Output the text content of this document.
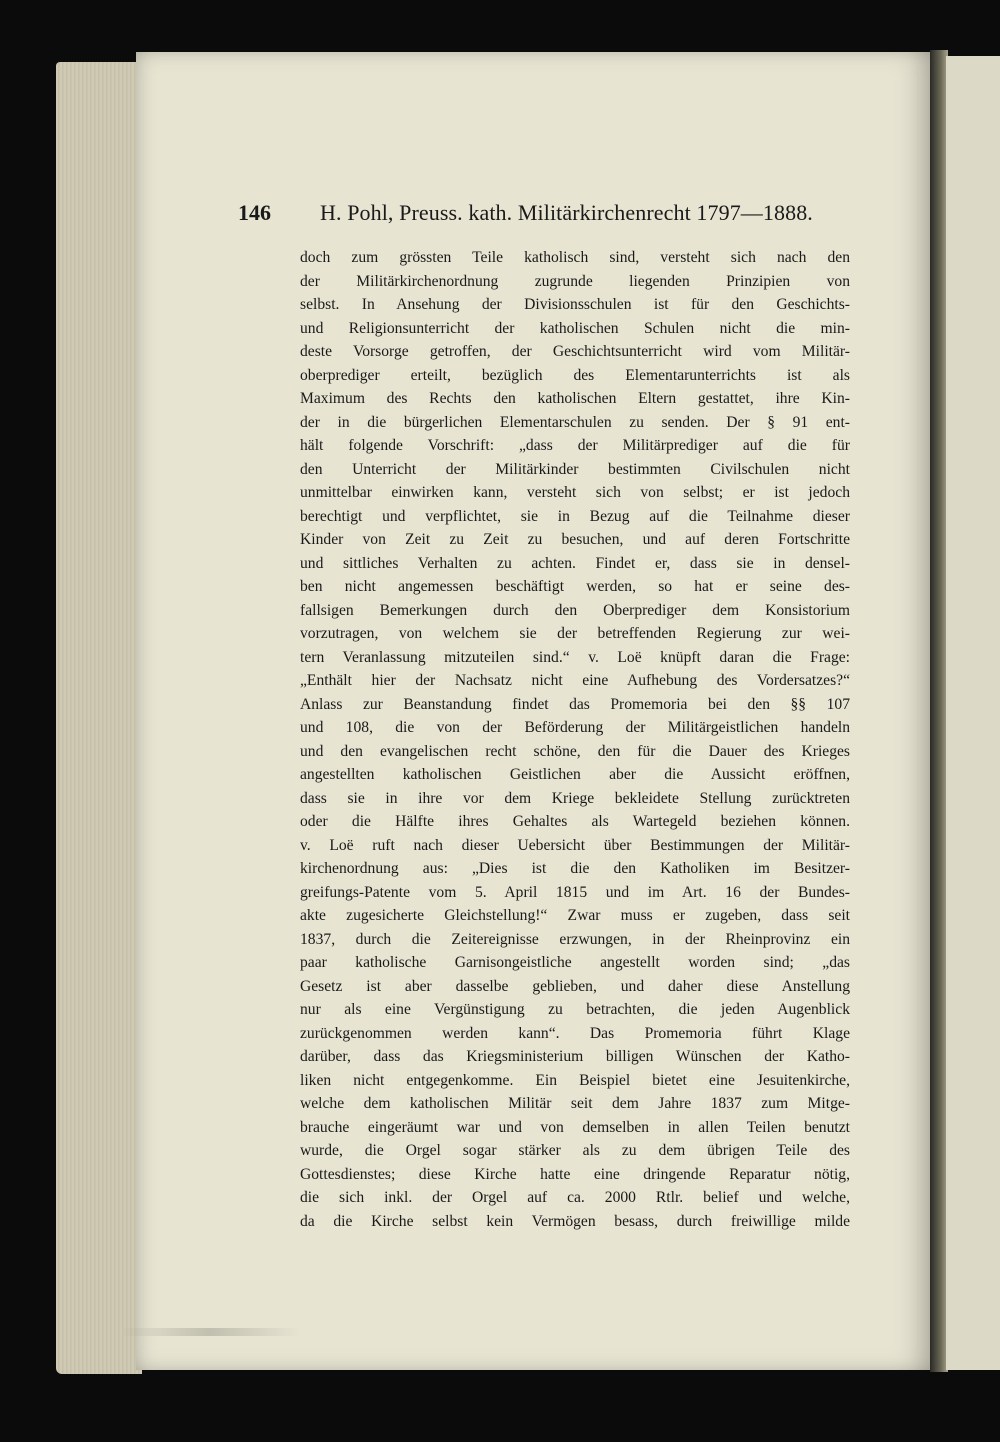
146 H. Pohl, Preuss. kath. Militärkirchenrecht 1797—1888.
doch zum grössten Teile katholisch sind, versteht sich nach den
der Militärkirchenordnung zugrunde liegenden Prinzipien von
selbst. In Ansehung der Divisionsschulen ist für den Geschichts-
und Religionsunterricht der katholischen Schulen nicht die min-
deste Vorsorge getroffen, der Geschichtsunterricht wird vom Militär-
oberprediger erteilt, bezüglich des Elementarunterrichts ist als
Maximum des Rechts den katholischen Eltern gestattet, ihre Kin-
der in die bürgerlichen Elementarschulen zu senden. Der § 91 ent-
hält folgende Vorschrift: „dass der Militärprediger auf die für
den Unterricht der Militärkinder bestimmten Civilschulen nicht
unmittelbar einwirken kann, versteht sich von selbst; er ist jedoch
berechtigt und verpflichtet, sie in Bezug auf die Teilnahme dieser
Kinder von Zeit zu Zeit zu besuchen, und auf deren Fortschritte
und sittliches Verhalten zu achten. Findet er, dass sie in densel-
ben nicht angemessen beschäftigt werden, so hat er seine des-
fallsigen Bemerkungen durch den Oberprediger dem Konsistorium
vorzutragen, von welchem sie der betreffenden Regierung zur wei-
tern Veranlassung mitzuteilen sind.“ v. Loë knüpft daran die Frage:
„Enthält hier der Nachsatz nicht eine Aufhebung des Vordersatzes?“
Anlass zur Beanstandung findet das Promemoria bei den §§ 107
und 108, die von der Beförderung der Militärgeistlichen handeln
und den evangelischen recht schöne, den für die Dauer des Krieges
angestellten katholischen Geistlichen aber die Aussicht eröffnen,
dass sie in ihre vor dem Kriege bekleidete Stellung zurücktreten
oder die Hälfte ihres Gehaltes als Wartegeld beziehen können.
v. Loë ruft nach dieser Uebersicht über Bestimmungen der Militär-
kirchenordnung aus: „Dies ist die den Katholiken im Besitzer-
greifungs-Patente vom 5. April 1815 und im Art. 16 der Bundes-
akte zugesicherte Gleichstellung!“ Zwar muss er zugeben, dass seit
1837, durch die Zeitereignisse erzwungen, in der Rheinprovinz ein
paar katholische Garnisongeistliche angestellt worden sind; „das
Gesetz ist aber dasselbe geblieben, und daher diese Anstellung
nur als eine Vergünstigung zu betrachten, die jeden Augenblick
zurückgenommen werden kann“. Das Promemoria führt Klage
darüber, dass das Kriegsministerium billigen Wünschen der Katho-
liken nicht entgegenkomme. Ein Beispiel bietet eine Jesuitenkirche,
welche dem katholischen Militär seit dem Jahre 1837 zum Mitge-
brauche eingeräumt war und von demselben in allen Teilen benutzt
wurde, die Orgel sogar stärker als zu dem übrigen Teile des
Gottesdienstes; diese Kirche hatte eine dringende Reparatur nötig,
die sich inkl. der Orgel auf ca. 2000 Rtlr. belief und welche,
da die Kirche selbst kein Vermögen besass, durch freiwillige milde
